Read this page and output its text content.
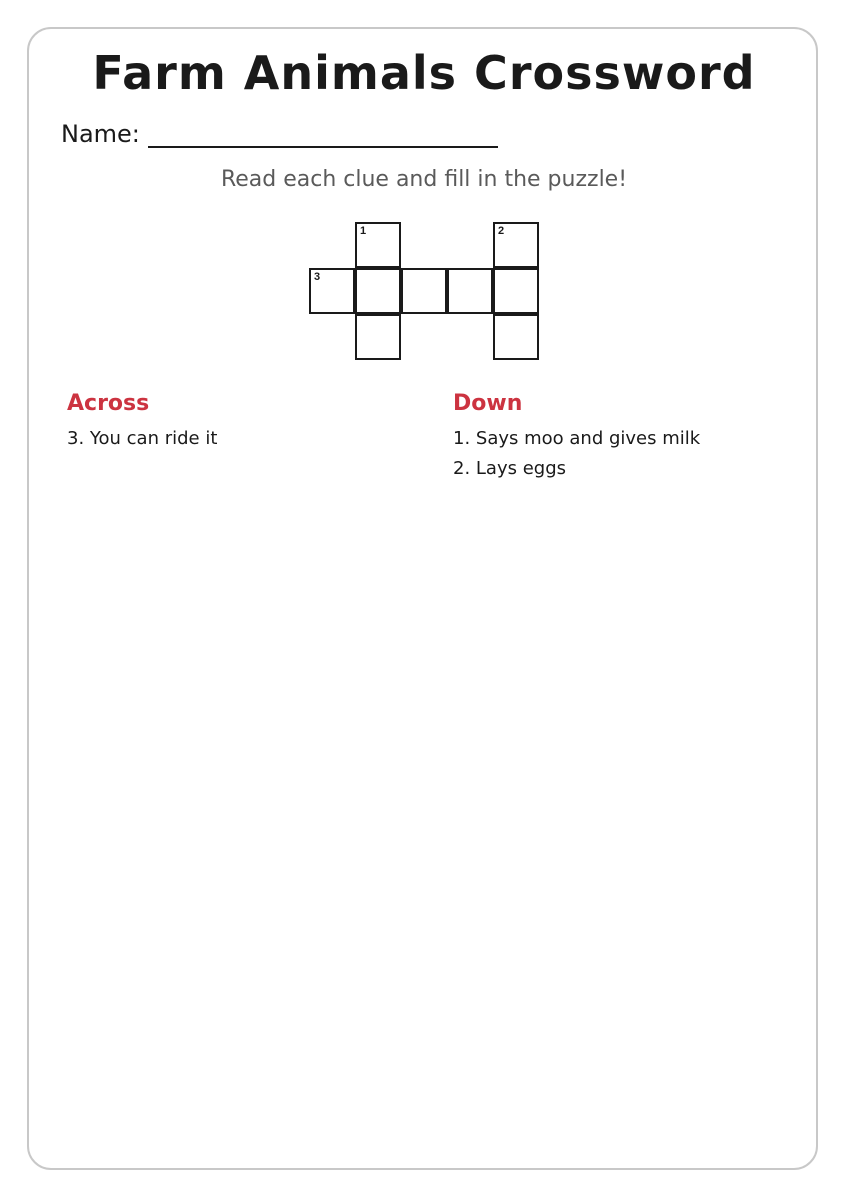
Farm Animals Crossword
Name:
Read each clue and fill in the puzzle!
1	2
3
Across
3. You can ride it
Down
1. Says moo and gives milk
2. Lays eggs
